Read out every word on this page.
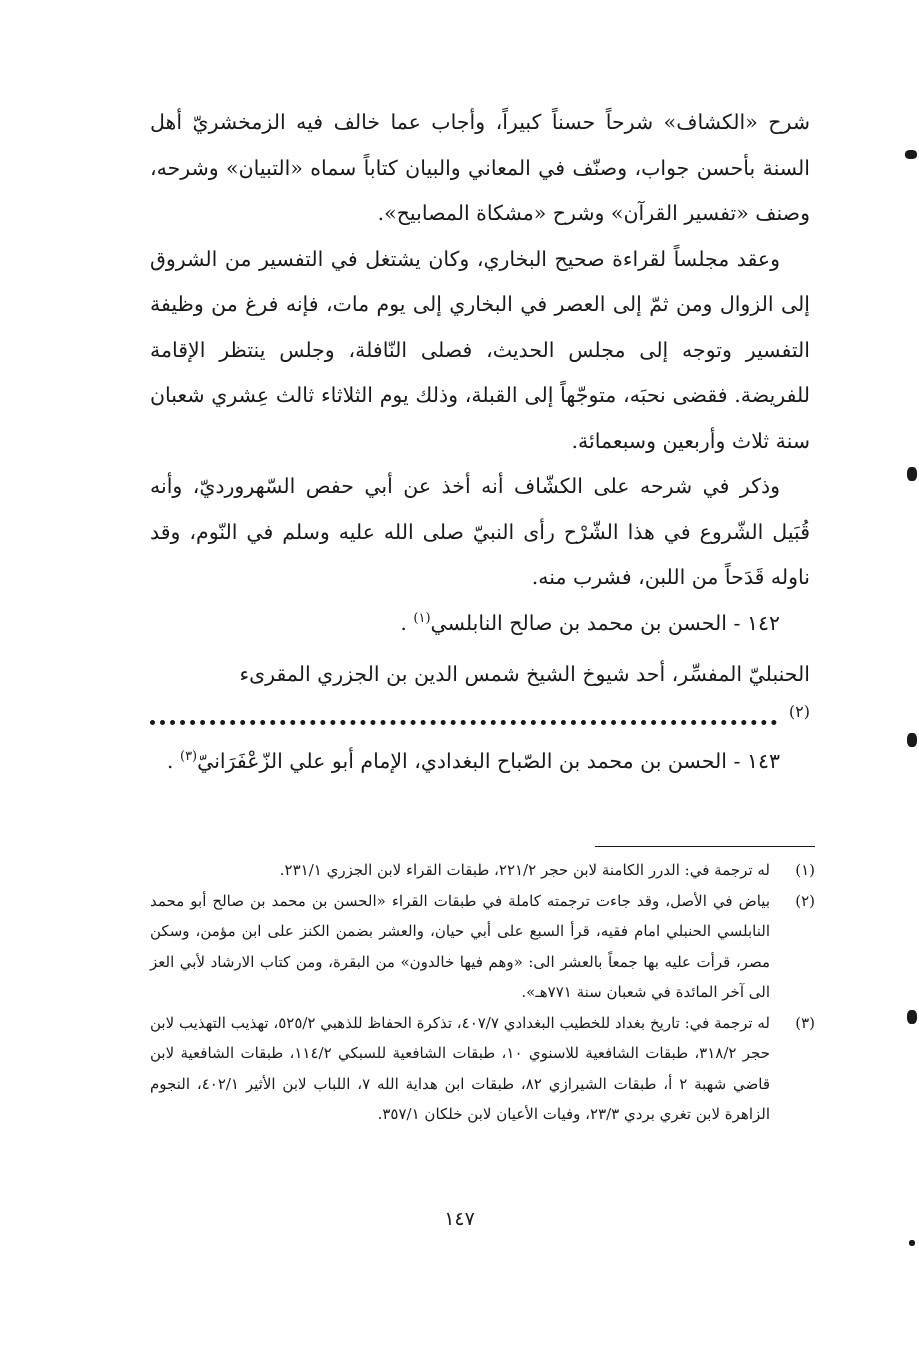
شرح «الكشاف» شرحاً حسناً كبيراً، وأجاب عما خالف فيه الزمخشريّ أهل السنة بأحسن جواب، وصنّف في المعاني والبيان كتاباً سماه «التبيان» وشرحه، وصنف «تفسير القرآن» وشرح «مشكاة المصابيح».

وعقد مجلساً لقراءة صحيح البخاري، وكان يشتغل في التفسير من الشروق إلى الزوال ومن ثمّ إلى العصر في البخاري إلى يوم مات، فإنه فرغ من وظيفة التفسير وتوجه إلى مجلس الحديث، فصلى النّافلة، وجلس ينتظر الإقامة للفريضة. فقضى نحبَه، متوجّهاً إلى القبلة، وذلك يوم الثلاثاء ثالث عِشري شعبان سنة ثلاث وأربعين وسبعمائة.

وذكر في شرحه على الكشّاف أنه أخذ عن أبي حفص السّهرورديّ، وأنه قُبَيل الشّروع في هذا الشّرْح رأى النبيّ صلى الله عليه وسلم في النّوم، وقد ناوله قَدَحاً من اللبن، فشرب منه.

١٤٢ - الحسن بن محمد بن صالح النابلسي$^{(١)}$ .

الحنبليّ المفسِّر، أحد شيوخ الشيخ شمس الدين بن الجزري المقرىء

(٢)

١٤٣ - الحسن بن محمد بن الصّباح البغدادي، الإمام أبو علي الزّعْفَرَانيّ$^{(٣)}$ .

(١)
له ترجمة في: الدرر الكامنة لابن حجر ٢٢١/٢، طبقات القراء لابن الجزري ٢٣١/١.
(٢)
بياض في الأصل، وقد جاءت ترجمته كاملة في طبقات القراء «الحسن بن محمد بن صالح أبو محمد النابلسي الحنبلي امام فقيه، قرأ السبع على أبي حيان، والعشر بضمن الكنز على ابن مؤمن، وسكن مصر، قرأت عليه بها جمعاً بالعشر الى: «وهم فيها خالدون» من البقرة، ومن كتاب الارشاد لأبي العز الى آخر المائدة في شعبان سنة ٧٧١هـ».
(٣)
له ترجمة في: تاريخ بغداد للخطيب البغدادي ٤٠٧/٧، تذكرة الحفاظ للذهبي ٥٢٥/٢، تهذيب التهذيب لابن حجر ٣١٨/٢، طبقات الشافعية للاسنوي ١٠، طبقات الشافعية للسبكي ١١٤/٢، طبقات الشافعية لابن قاضي شهبة ٢ أ، طبقات الشيرازي ٨٢، طبقات ابن هداية الله ٧، اللباب لابن الأثير ٤٠٢/١، النجوم الزاهرة لابن تغري بردي ٢٣/٣، وفيات الأعيان لابن خلكان ٣٥٧/١.
١٤٧
